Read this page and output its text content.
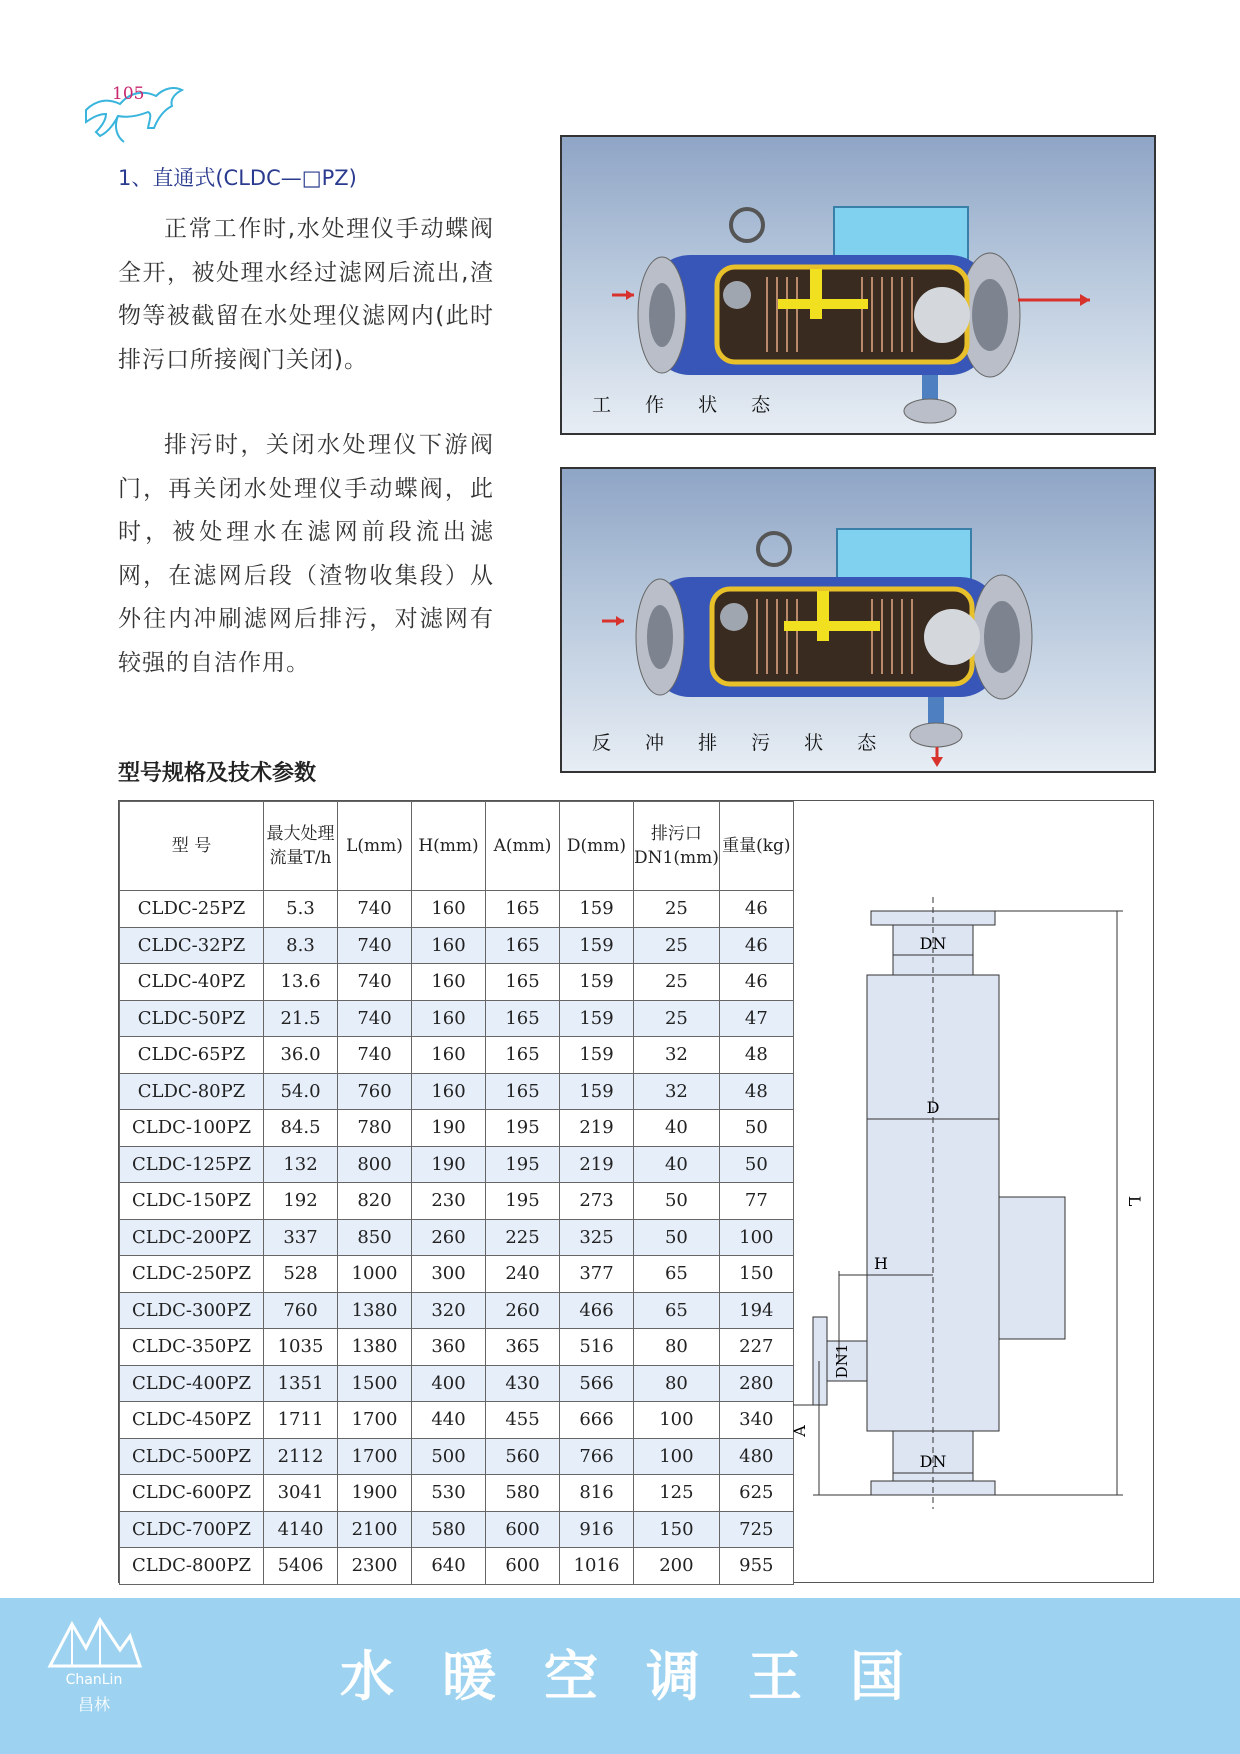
105
1、直通式(CLDC—□PZ)
正常工作时,水处理仪手动蝶阀全开，被处理水经过滤网后流出,渣物等被截留在水处理仪滤网内(此时排污口所接阀门关闭)。
排污时，关闭水处理仪下游阀门，再关闭水处理仪手动蝶阀，此时，被处理水在滤网前段流出滤网，在滤网后段（渣物收集段）从外往内冲刷滤网后排污，对滤网有较强的自洁作用。
工 作 状 态
反 冲 排 污 状 态
型号规格及技术参数
型 号	最大处理流量T/h	L(mm)	H(mm)	A(mm)	D(mm)	排污口DN1(mm)	重量(kg)
CLDC-25PZ	5.3	740	160	165	159	25	46
CLDC-32PZ	8.3	740	160	165	159	25	46
CLDC-40PZ	13.6	740	160	165	159	25	46
CLDC-50PZ	21.5	740	160	165	159	25	47
CLDC-65PZ	36.0	740	160	165	159	32	48
CLDC-80PZ	54.0	760	160	165	159	32	48
CLDC-100PZ	84.5	780	190	195	219	40	50
CLDC-125PZ	132	800	190	195	219	40	50
CLDC-150PZ	192	820	230	195	273	50	77
CLDC-200PZ	337	850	260	225	325	50	100
CLDC-250PZ	528	1000	300	240	377	65	150
CLDC-300PZ	760	1380	320	260	466	65	194
CLDC-350PZ	1035	1380	360	365	516	80	227
CLDC-400PZ	1351	1500	400	430	566	80	280
CLDC-450PZ	1711	1700	440	455	666	100	340
CLDC-500PZ	2112	1700	500	560	766	100	480
CLDC-600PZ	3041	1900	530	580	816	125	625
CLDC-700PZ	4140	2100	580	600	916	150	725
CLDC-800PZ	5406	2300	640	600	1016	200	955
DN
D
L
H
DN1
A
DN
ChanLin
昌林	水暖空调王国
